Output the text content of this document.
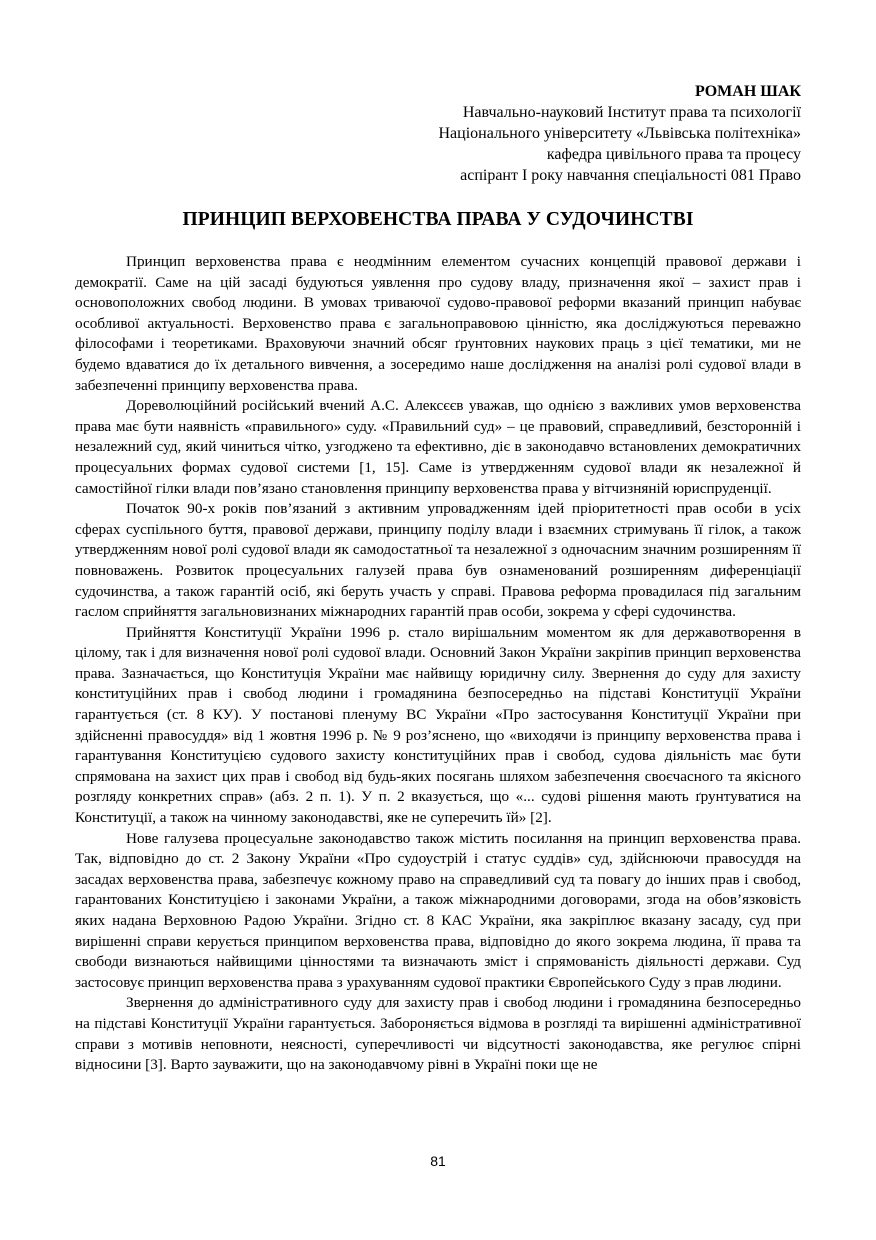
РОМАН ШАК
Навчально-науковий Інститут права та психології
Національного університету «Львівська політехніка»
кафедра цивільного права та процесу
аспірант І року навчання спеціальності 081 Право
ПРИНЦИП ВЕРХОВЕНСТВА ПРАВА У СУДОЧИНСТВІ

Принцип верховенства права є неодмінним елементом сучасних концепцій правової держави і демократії. Саме на цій засаді будуються уявлення про судову владу, призначення якої – захист прав і основоположних свобод людини. В умовах триваючої судово-правової реформи вказаний принцип набуває особливої актуальності. Верховенство права є загальноправовою цінністю, яка досліджуються переважно філософами і теоретиками. Враховуючи значний обсяг ґрунтовних наукових праць з цієї тематики, ми не будемо вдаватися до їх детального вивчення, а зосередимо наше дослідження на аналізі ролі судової влади в забезпеченні принципу верховенства права.

Дореволюційний російський вчений А.С. Алексєєв уважав, що однією з важливих умов верховенства права має бути наявність «правильного» суду. «Правильний суд» – це правовий, справедливий, безсторонній і незалежний суд, який чиниться чітко, узгоджено та ефективно, діє в законодавчо встановлених демократичних процесуальних формах судової системи [1, 15]. Саме із утвердженням судової влади як незалежної й самостійної гілки влади пов’язано становлення принципу верховенства права у вітчизняній юриспруденції.

Початок 90-х років пов’язаний з активним упровадженням ідей пріоритетності прав особи в усіх сферах суспільного буття, правової держави, принципу поділу влади і взаємних стримувань її гілок, а також утвердженням нової ролі судової влади як самодостатньої та незалежної з одночасним значним розширенням її повноважень. Розвиток процесуальних галузей права був ознаменований розширенням диференціації судочинства, а також гарантій осіб, які беруть участь у справі. Правова реформа провадилася під загальним гаслом сприйняття загальновизнаних міжнародних гарантій прав особи, зокрема у сфері судочинства.

Прийняття Конституції України 1996 р. стало вирішальним моментом як для державотворення в цілому, так і для визначення нової ролі судової влади. Основний Закон України закріпив принцип верховенства права. Зазначається, що Конституція України має найвищу юридичну силу. Звернення до суду для захисту конституційних прав і свобод людини і громадянина безпосередньо на підставі Конституції України гарантується (ст. 8 КУ). У постанові пленуму ВС України «Про застосування Конституції України при здійсненні правосуддя» від 1 жовтня 1996 р. № 9 роз’яснено, що «виходячи із принципу верховенства права і гарантування Конституцією судового захисту конституційних прав і свобод, судова діяльність має бути спрямована на захист цих прав і свобод від будь-яких посягань шляхом забезпечення своєчасного та якісного розгляду конкретних справ» (абз. 2 п. 1). У п. 2 вказується, що «... судові рішення мають ґрунтуватися на Конституції, а також на чинному законодавстві, яке не суперечить їй» [2].

Нове галузева процесуальне законодавство також містить посилання на принцип верховенства права. Так, відповідно до ст. 2 Закону України «Про судоустрій і статус суддів» суд, здійснюючи правосуддя на засадах верховенства права, забезпечує кожному право на справедливий суд та повагу до інших прав і свобод, гарантованих Конституцією і законами України, а також міжнародними договорами, згода на обов’язковість яких надана Верховною Радою України. Згідно ст. 8 КАС України, яка закріплює вказану засаду, суд при вирішенні справи керується принципом верховенства права, відповідно до якого зокрема людина, її права та свободи визнаються найвищими цінностями та визначають зміст і спрямованість діяльності держави. Суд застосовує принцип верховенства права з урахуванням судової практики Європейського Суду з прав людини.

Звернення до адміністративного суду для захисту прав і свобод людини і громадянина безпосередньо на підставі Конституції України гарантується. Забороняється відмова в розгляді та вирішенні адміністративної справи з мотивів неповноти, неясності, суперечливості чи відсутності законодавства, яке регулює спірні відносини [3]. Варто зауважити, що на законодавчому рівні в Україні поки ще не

81
